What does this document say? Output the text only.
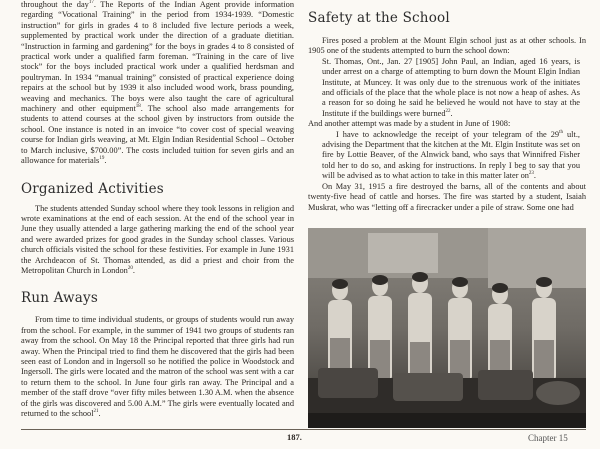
throughout the day$^{17}$. The Reports of the Indian Agent provide information regarding “Vocational Training” in the period from 1934-1939. “Domestic instruction” for girls in grades 4 to 8 included five lecture periods a week, supplemented by practical work under the direction of a graduate dietitian. “Instruction in farming and gardening” for the boys in grades 4 to 8 consisted of practical work under a qualified farm foreman. “Training in the care of live stock” for the boys included practical work under a qualified herdsman and poultryman. In 1934 “manual training” consisted of practical experience doing repairs at the school but by 1939 it also included wood work, brass pounding, weaving and mechanics. The boys were also taught the care of agricultural machinery and other equipment$^{18}$. The school also made arrangements for students to attend courses at the school given by instructors from outside the school. One instance is noted in an invoice “to cover cost of special weaving course for Indian girls weaving, at Mt. Elgin Indian Residential School – October to March inclusive, $700.00”. The costs included tuition for seven girls and an allowance for materials$^{19}$.

Organized Activities

The students attended Sunday school where they took lessons in religion and wrote examinations at the end of each session. At the end of the school year in June they usually attended a large gathering marking the end of the school year and were awarded prizes for good grades in the Sunday school classes. Various church officials visited the school for these festivities. For example in June 1931 the Archdeacon of St. Thomas attended, as did a priest and choir from the Metropolitan Church in London$^{20}$.

Run Aways

From time to time individual students, or groups of students would run away from the school. For example, in the summer of 1941 two groups of students ran away from the school. On May 18 the Principal reported that three girls had run away. When the Principal tried to find them he discovered that the girls had been seen east of London and in Ingersoll so he notified the police in Woodstock and Ingersoll. The girls were located and the matron of the school was sent with a car to return them to the school. In June four girls ran away. The Principal and a member of the staff drove “over fifty miles between 1.30 A.M. when the absence of the girls was discovered and 5.00 A.M.” The girls were eventually located and returned to the school$^{21}$.

Safety at the School

Fires posed a problem at the Mount Elgin school just as at other schools. In 1905 one of the students attempted to burn the school down:

St. Thomas, Ont., Jan. 27 [1905] John Paul, an Indian, aged 16 years, is under arrest on a charge of attempting to burn down the Mount Elgin Indian Institute, at Muncey. It was only due to the strenuous work of the initiates and officials of the place that the whole place is not now a heap of ashes. As a reason for so doing he said he believed he would not have to stay at the Institute if the buildings were burned$^{22}$.

And another attempt was made by a student in June of 1908:

I have to acknowledge the receipt of your telegram of the 29th ult., advising the Department that the kitchen at the Mt. Elgin Institute was set on fire by Lottie Beaver, of the Alnwick band, who says that Winnifred Fisher told her to do so, and asking for instructions. In reply I beg to say that you will be advised as to what action to take in this matter later $on^{23}$.

On May 31, 1915 a fire destroyed the barns, all of the contents and about twenty-five head of cattle and horses. The fire was started by a student, Isaiah Muskrat, who was “letting off a firecracker under a pile of straw. Some one had

187.	Chapter 15
